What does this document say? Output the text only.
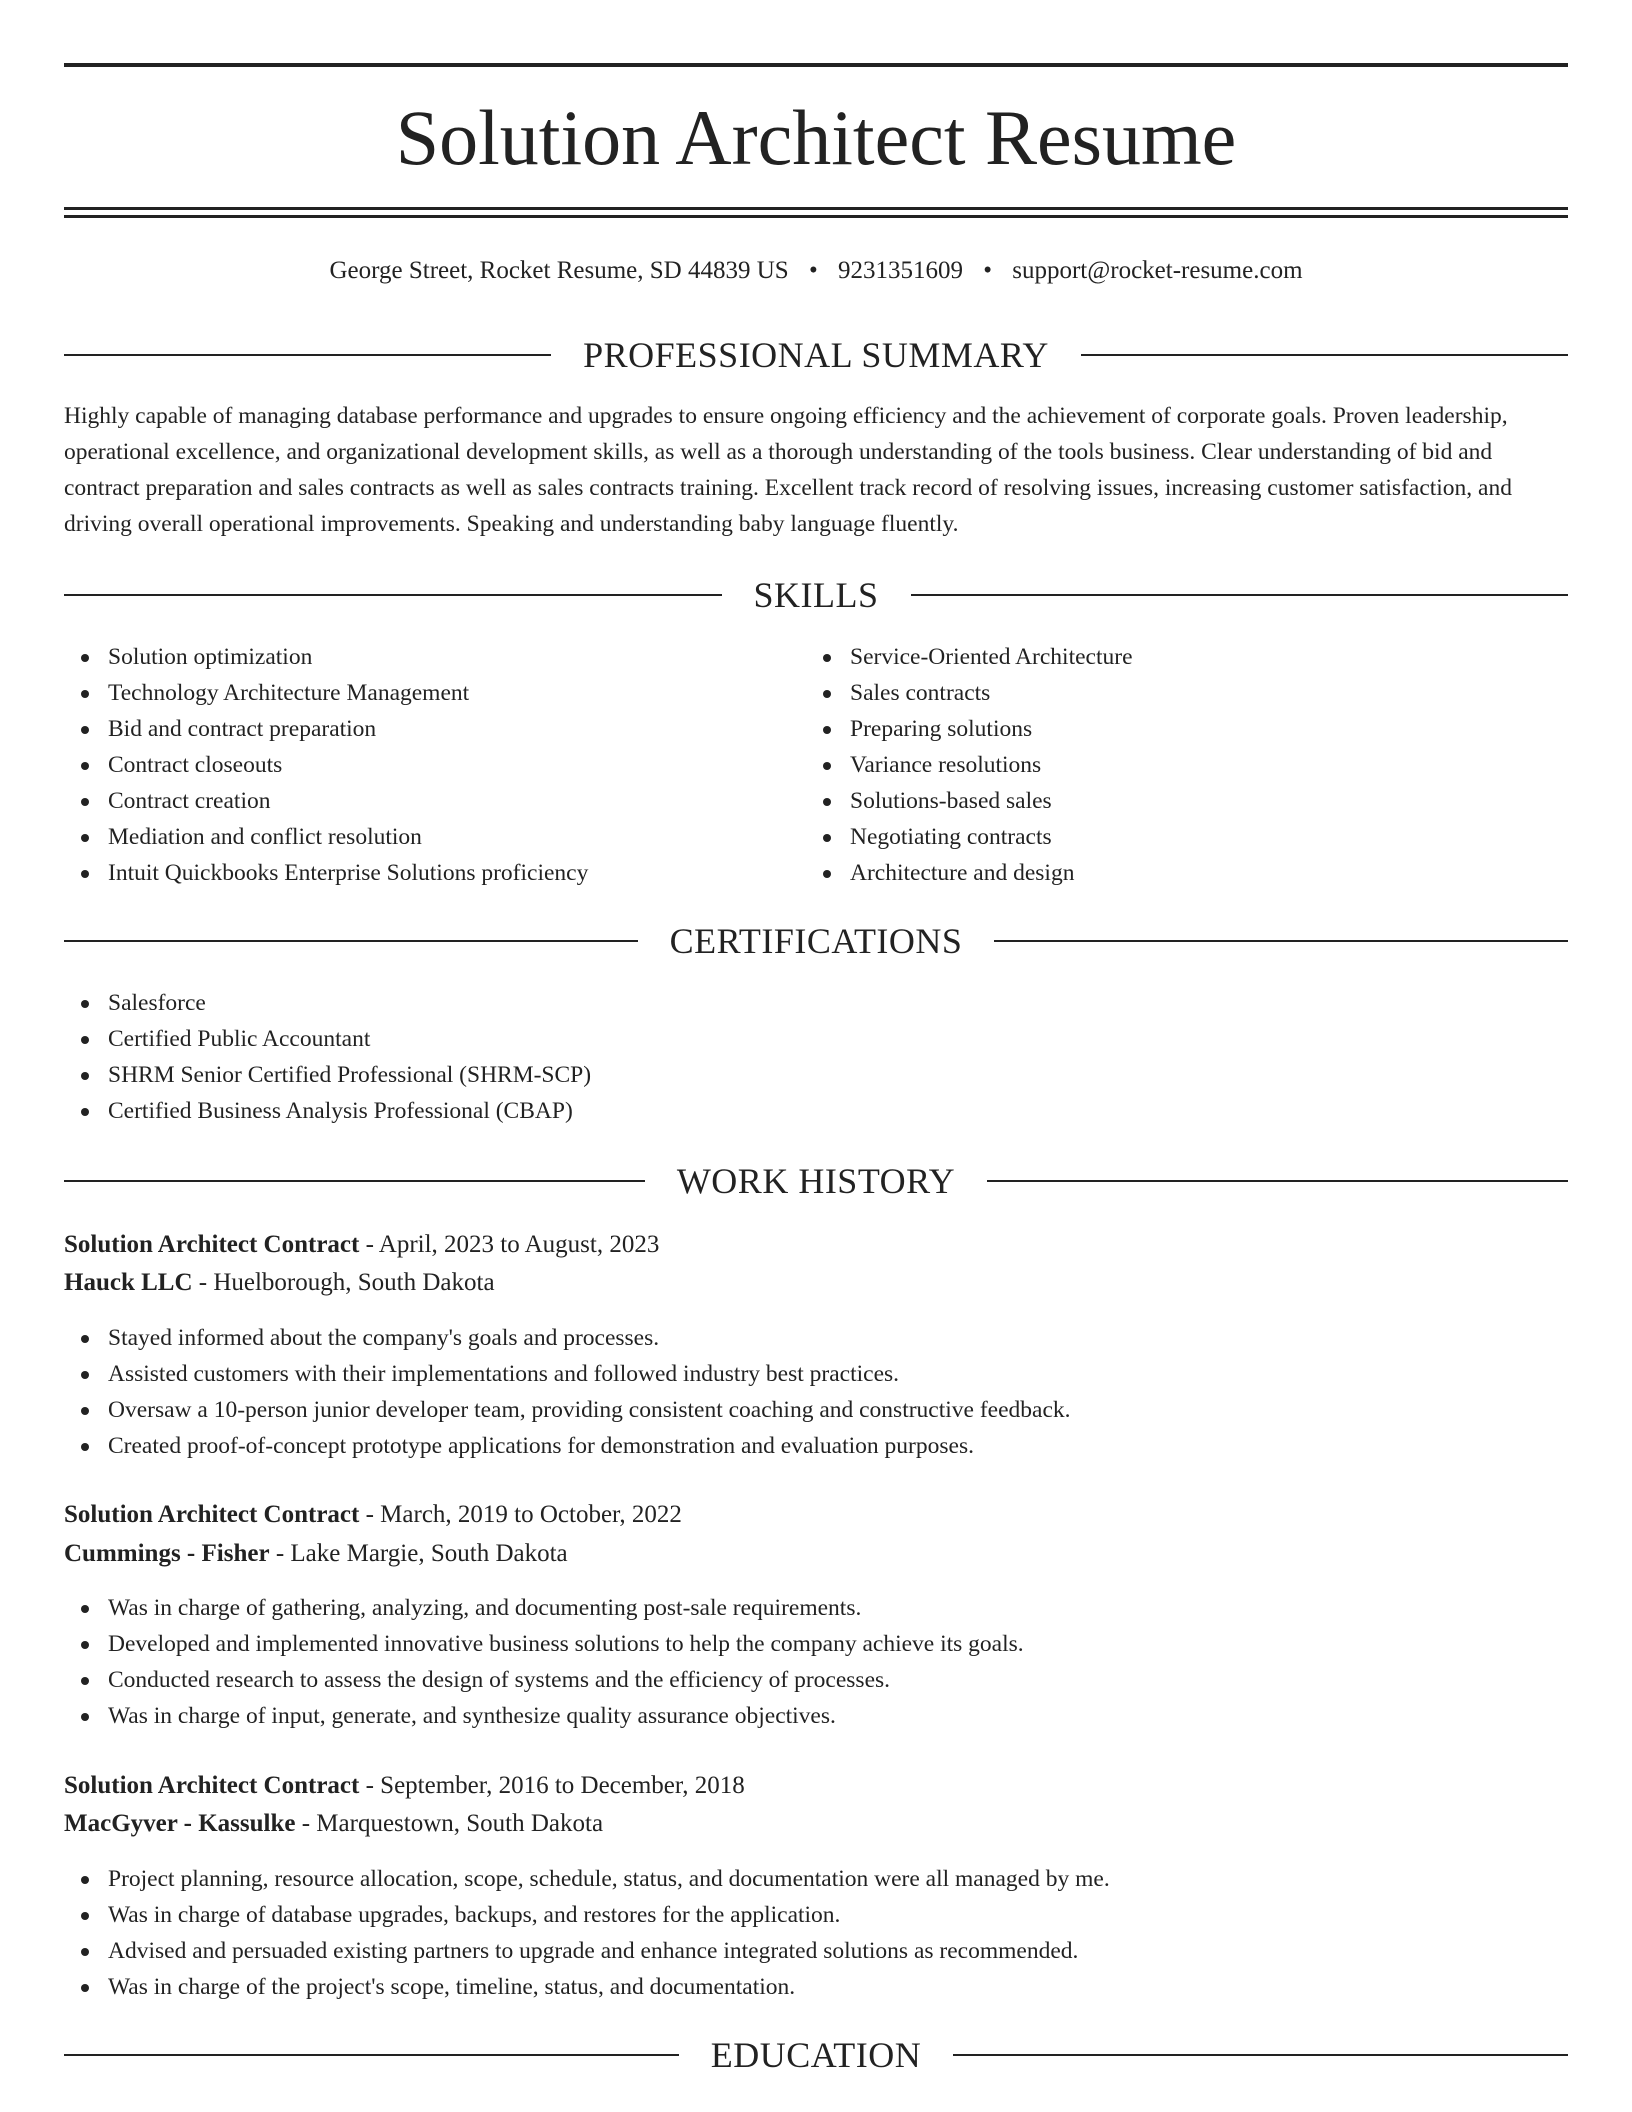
Solution Architect Resume
George Street, Rocket Resume, SD 44839 US • 9231351609 • support@rocket-resume.com
PROFESSIONAL SUMMARY

Highly capable of managing database performance and upgrades to ensure ongoing efficiency and the achievement of corporate goals. Proven leadership, operational excellence, and organizational development skills, as well as a thorough understanding of the tools business. Clear understanding of bid and contract preparation and sales contracts as well as sales contracts training. Excellent track record of resolving issues, increasing customer satisfaction, and driving overall operational improvements. Speaking and understanding baby language fluently.

SKILLS
Solution optimization
Technology Architecture Management
Bid and contract preparation
Contract closeouts
Contract creation
Mediation and conflict resolution
Intuit Quickbooks Enterprise Solutions proficiency
Service-Oriented Architecture
Sales contracts
Preparing solutions
Variance resolutions
Solutions-based sales
Negotiating contracts
Architecture and design
CERTIFICATIONS
Salesforce
Certified Public Accountant
SHRM Senior Certified Professional (SHRM-SCP)
Certified Business Analysis Professional (CBAP)
WORK HISTORY
Solution Architect Contract - April, 2023 to August, 2023
Hauck LLC - Huelborough, South Dakota
Stayed informed about the company's goals and processes.
Assisted customers with their implementations and followed industry best practices.
Oversaw a 10-person junior developer team, providing consistent coaching and constructive feedback.
Created proof-of-concept prototype applications for demonstration and evaluation purposes.
Solution Architect Contract - March, 2019 to October, 2022
Cummings - Fisher - Lake Margie, South Dakota
Was in charge of gathering, analyzing, and documenting post-sale requirements.
Developed and implemented innovative business solutions to help the company achieve its goals.
Conducted research to assess the design of systems and the efficiency of processes.
Was in charge of input, generate, and synthesize quality assurance objectives.
Solution Architect Contract - September, 2016 to December, 2018
MacGyver - Kassulke - Marquestown, South Dakota
Project planning, resource allocation, scope, schedule, status, and documentation were all managed by me.
Was in charge of database upgrades, backups, and restores for the application.
Advised and persuaded existing partners to upgrade and enhance integrated solutions as recommended.
Was in charge of the project's scope, timeline, status, and documentation.
EDUCATION
